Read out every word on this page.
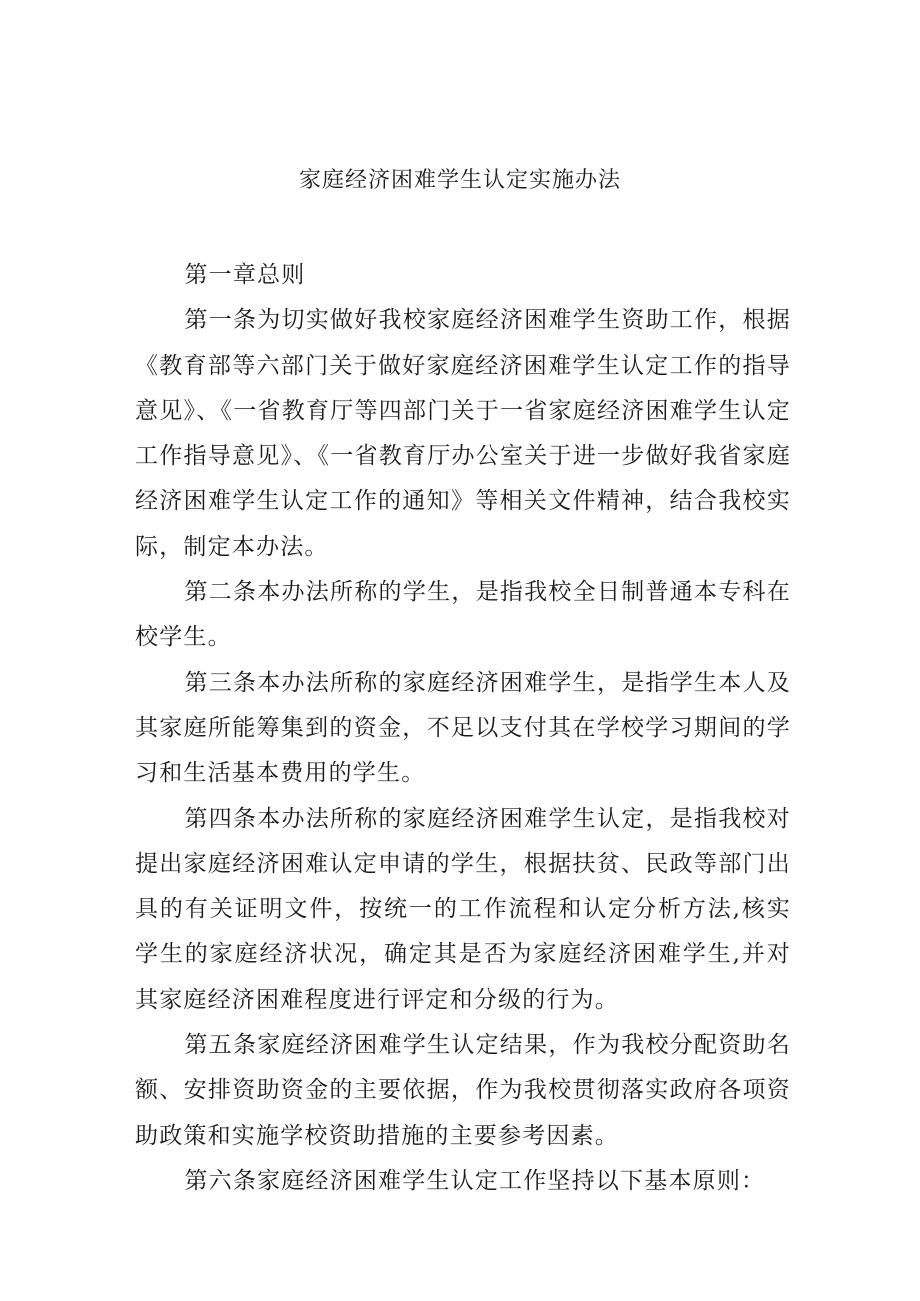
家庭经济困难学生认定实施办法

第一章总则

第一条为切实做好我校家庭经济困难学生资助工作，根据《教育部等六部门关于做好家庭经济困难学生认定工作的指导意见》、《一省教育厅等四部门关于一省家庭经济困难学生认定工作指导意见》、《一省教育厅办公室关于进一步做好我省家庭经济困难学生认定工作的通知》等相关文件精神，结合我校实际，制定本办法。

第二条本办法所称的学生，是指我校全日制普通本专科在校学生。

第三条本办法所称的家庭经济困难学生，是指学生本人及其家庭所能筹集到的资金，不足以支付其在学校学习期间的学习和生活基本费用的学生。

第四条本办法所称的家庭经济困难学生认定，是指我校对提出家庭经济困难认定申请的学生，根据扶贫、民政等部门出具的有关证明文件，按统一的工作流程和认定分析方法,核实学生的家庭经济状况，确定其是否为家庭经济困难学生,并对其家庭经济困难程度进行评定和分级的行为。

第五条家庭经济困难学生认定结果，作为我校分配资助名额、安排资助资金的主要依据，作为我校贯彻落实政府各项资助政策和实施学校资助措施的主要参考因素。

第六条家庭经济困难学生认定工作坚持以下基本原则：
